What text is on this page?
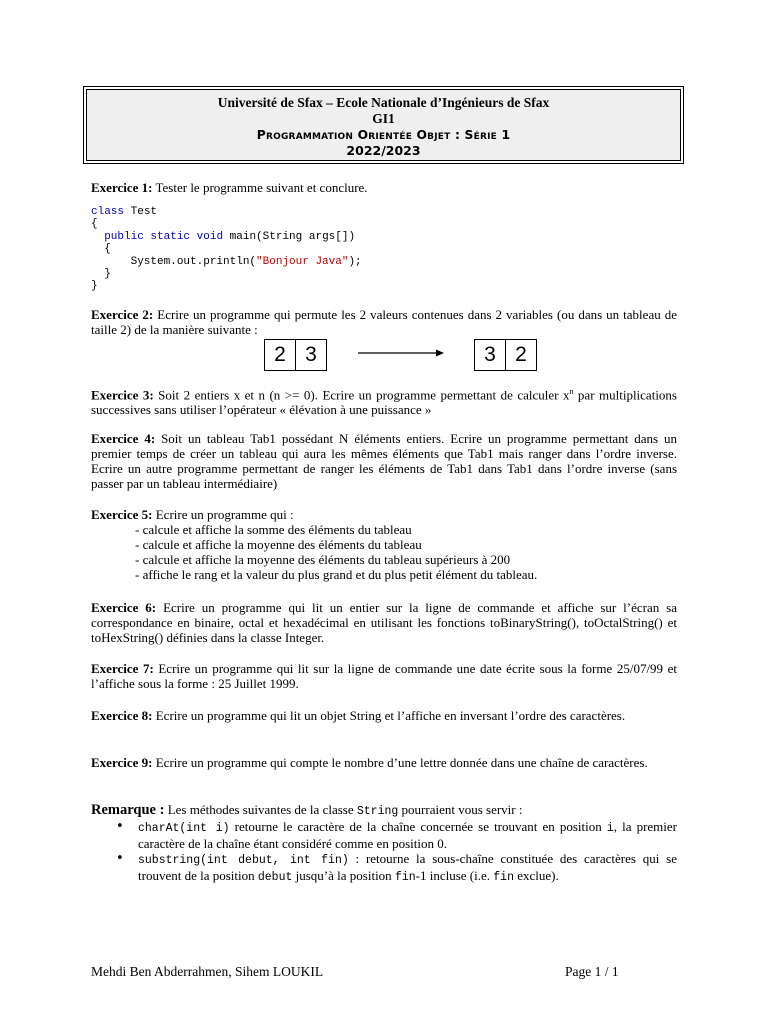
Université de Sfax – Ecole Nationale d’Ingénieurs de Sfax
GI1
Programmation Orientée Objet : Série 1
2022/2023
Exercice 1: Tester le programme suivant et conclure.
class Test
{
public static void main(String args[])
{
System.out.println("Bonjour Java");
}
}
Exercice 2: Ecrire un programme qui permute les 2 valeurs contenues dans 2 variables (ou dans un tableau de taille 2) de la manière suivante :
2 3	3 2
Exercice 3: Soit 2 entiers x et n (n >= 0). Ecrire un programme permettant de calculer $x^n$ par multiplications successives sans utiliser l’opérateur « élévation à une puissance »
Exercice 4: Soit un tableau Tab1 possédant N éléments entiers. Ecrire un programme permettant dans un premier temps de créer un tableau qui aura les mêmes éléments que Tab1 mais ranger dans l’ordre inverse. Ecrire un autre programme permettant de ranger les éléments de Tab1 dans Tab1 dans l’ordre inverse (sans passer par un tableau intermédiaire)
Exercice 5: Ecrire un programme qui :
- calcule et affiche la somme des éléments du tableau
- calcule et affiche la moyenne des éléments du tableau
- calcule et affiche la moyenne des éléments du tableau supérieurs à 200
- affiche le rang et la valeur du plus grand et du plus petit élément du tableau.
Exercice 6: Ecrire un programme qui lit un entier sur la ligne de commande et affiche sur l’écran sa correspondance en binaire, octal et hexadécimal en utilisant les fonctions toBinaryString(), toOctalString() et toHexString() définies dans la classe Integer.
Exercice 7: Ecrire un programme qui lit sur la ligne de commande une date écrite sous la forme 25/07/99 et l’affiche sous la forme : 25 Juillet 1999.
Exercice 8: Ecrire un programme qui lit un objet String et l’affiche en inversant l’ordre des caractères.
Exercice 9: Ecrire un programme qui compte le nombre d’une lettre donnée dans une chaîne de caractères.
Remarque : Les méthodes suivantes de la classe String pourraient vous servir :
• charAt(int i) retourne le caractère de la chaîne concernée se trouvant en position i, la premier caractère de la chaîne étant considéré comme en position 0.
• substring(int debut, int fin) : retourne la sous-chaîne constituée des caractères qui se trouvent de la position debut jusqu’à la position fin-1 incluse (i.e. fin exclue).
Mehdi Ben Abderrahmen, Sihem LOUKIL	Page 1 / 1
